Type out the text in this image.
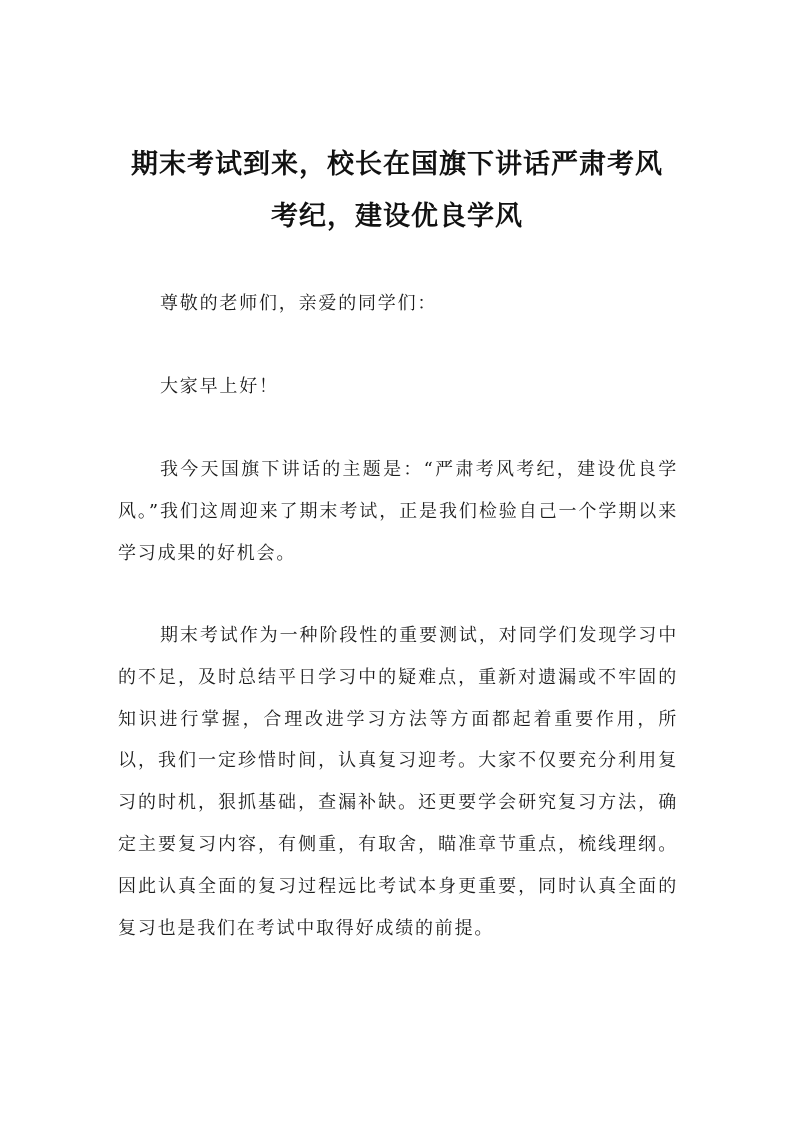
期末考试到来，校长在国旗下讲话严肃考风
考纪，建设优良学风

尊敬的老师们，亲爱的同学们：

大家早上好！

我今天国旗下讲话的主题是：“严肃考风考纪，建设优良学风。”我们这周迎来了期末考试，正是我们检验自己一个学期以来学习成果的好机会。

期末考试作为一种阶段性的重要测试，对同学们发现学习中的不足，及时总结平日学习中的疑难点，重新对遗漏或不牢固的知识进行掌握，合理改进学习方法等方面都起着重要作用，所以，我们一定珍惜时间，认真复习迎考。大家不仅要充分利用复习的时机，狠抓基础，查漏补缺。还更要学会研究复习方法，确定主要复习内容，有侧重，有取舍，瞄准章节重点，梳线理纲。因此认真全面的复习过程远比考试本身更重要，同时认真全面的复习也是我们在考试中取得好成绩的前提。
